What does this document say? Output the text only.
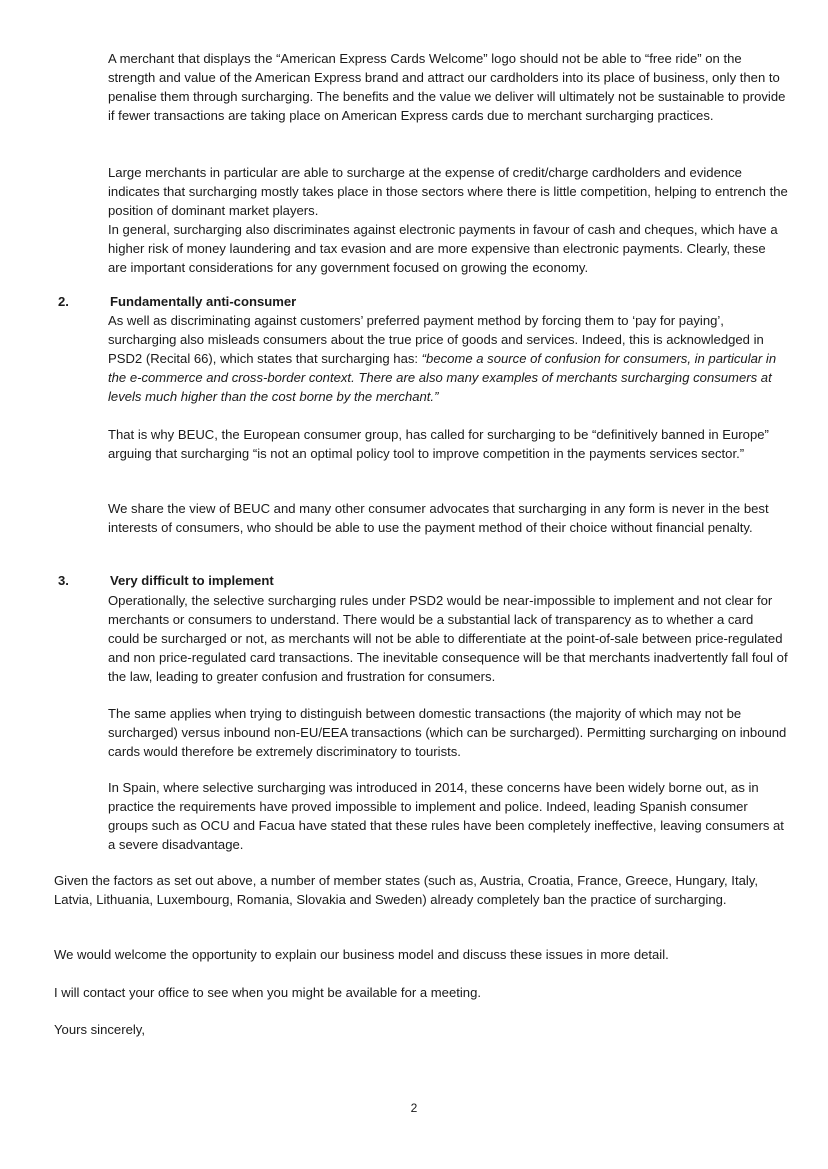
A merchant that displays the “American Express Cards Welcome” logo should not be able to “free ride” on the strength and value of the American Express brand and attract our cardholders into its place of business, only then to penalise them through surcharging. The benefits and the value we deliver will ultimately not be sustainable to provide if fewer transactions are taking place on American Express cards due to merchant surcharging practices.

Large merchants in particular are able to surcharge at the expense of credit/charge cardholders and evidence indicates that surcharging mostly takes place in those sectors where there is little competition, helping to entrench the position of dominant market players.

In general, surcharging also discriminates against electronic payments in favour of cash and cheques, which have a higher risk of money laundering and tax evasion and are more expensive than electronic payments. Clearly, these are important considerations for any government focused on growing the economy.

2.	Fundamentally anti-consumer

As well as discriminating against customers’ preferred payment method by forcing them to ‘pay for paying’, surcharging also misleads consumers about the true price of goods and services. Indeed, this is acknowledged in PSD2 (Recital 66), which states that surcharging has: “become a source of confusion for consumers, in particular in the e-commerce and cross-border context. There are also many examples of merchants surcharging consumers at levels much higher than the cost borne by the merchant.”

That is why BEUC, the European consumer group, has called for surcharging to be “definitively banned in Europe” arguing that surcharging “is not an optimal policy tool to improve competition in the payments services sector.”

We share the view of BEUC and many other consumer advocates that surcharging in any form is never in the best interests of consumers, who should be able to use the payment method of their choice without financial penalty.

3.	Very difficult to implement

Operationally, the selective surcharging rules under PSD2 would be near-impossible to implement and not clear for merchants or consumers to understand. There would be a substantial lack of transparency as to whether a card could be surcharged or not, as merchants will not be able to differentiate at the point-of-sale between price-regulated and non price-regulated card transactions. The inevitable consequence will be that merchants inadvertently fall foul of the law, leading to greater confusion and frustration for consumers.

The same applies when trying to distinguish between domestic transactions (the majority of which may not be surcharged) versus inbound non-EU/EEA transactions (which can be surcharged). Permitting surcharging on inbound cards would therefore be extremely discriminatory to tourists.

In Spain, where selective surcharging was introduced in 2014, these concerns have been widely borne out, as in practice the requirements have proved impossible to implement and police. Indeed, leading Spanish consumer groups such as OCU and Facua have stated that these rules have been completely ineffective, leaving consumers at a severe disadvantage.

Given the factors as set out above, a number of member states (such as, Austria, Croatia, France, Greece, Hungary, Italy, Latvia, Lithuania, Luxembourg, Romania, Slovakia and Sweden) already completely ban the practice of surcharging.

We would welcome the opportunity to explain our business model and discuss these issues in more detail.

I will contact your office to see when you might be available for a meeting.

Yours sincerely,

2
